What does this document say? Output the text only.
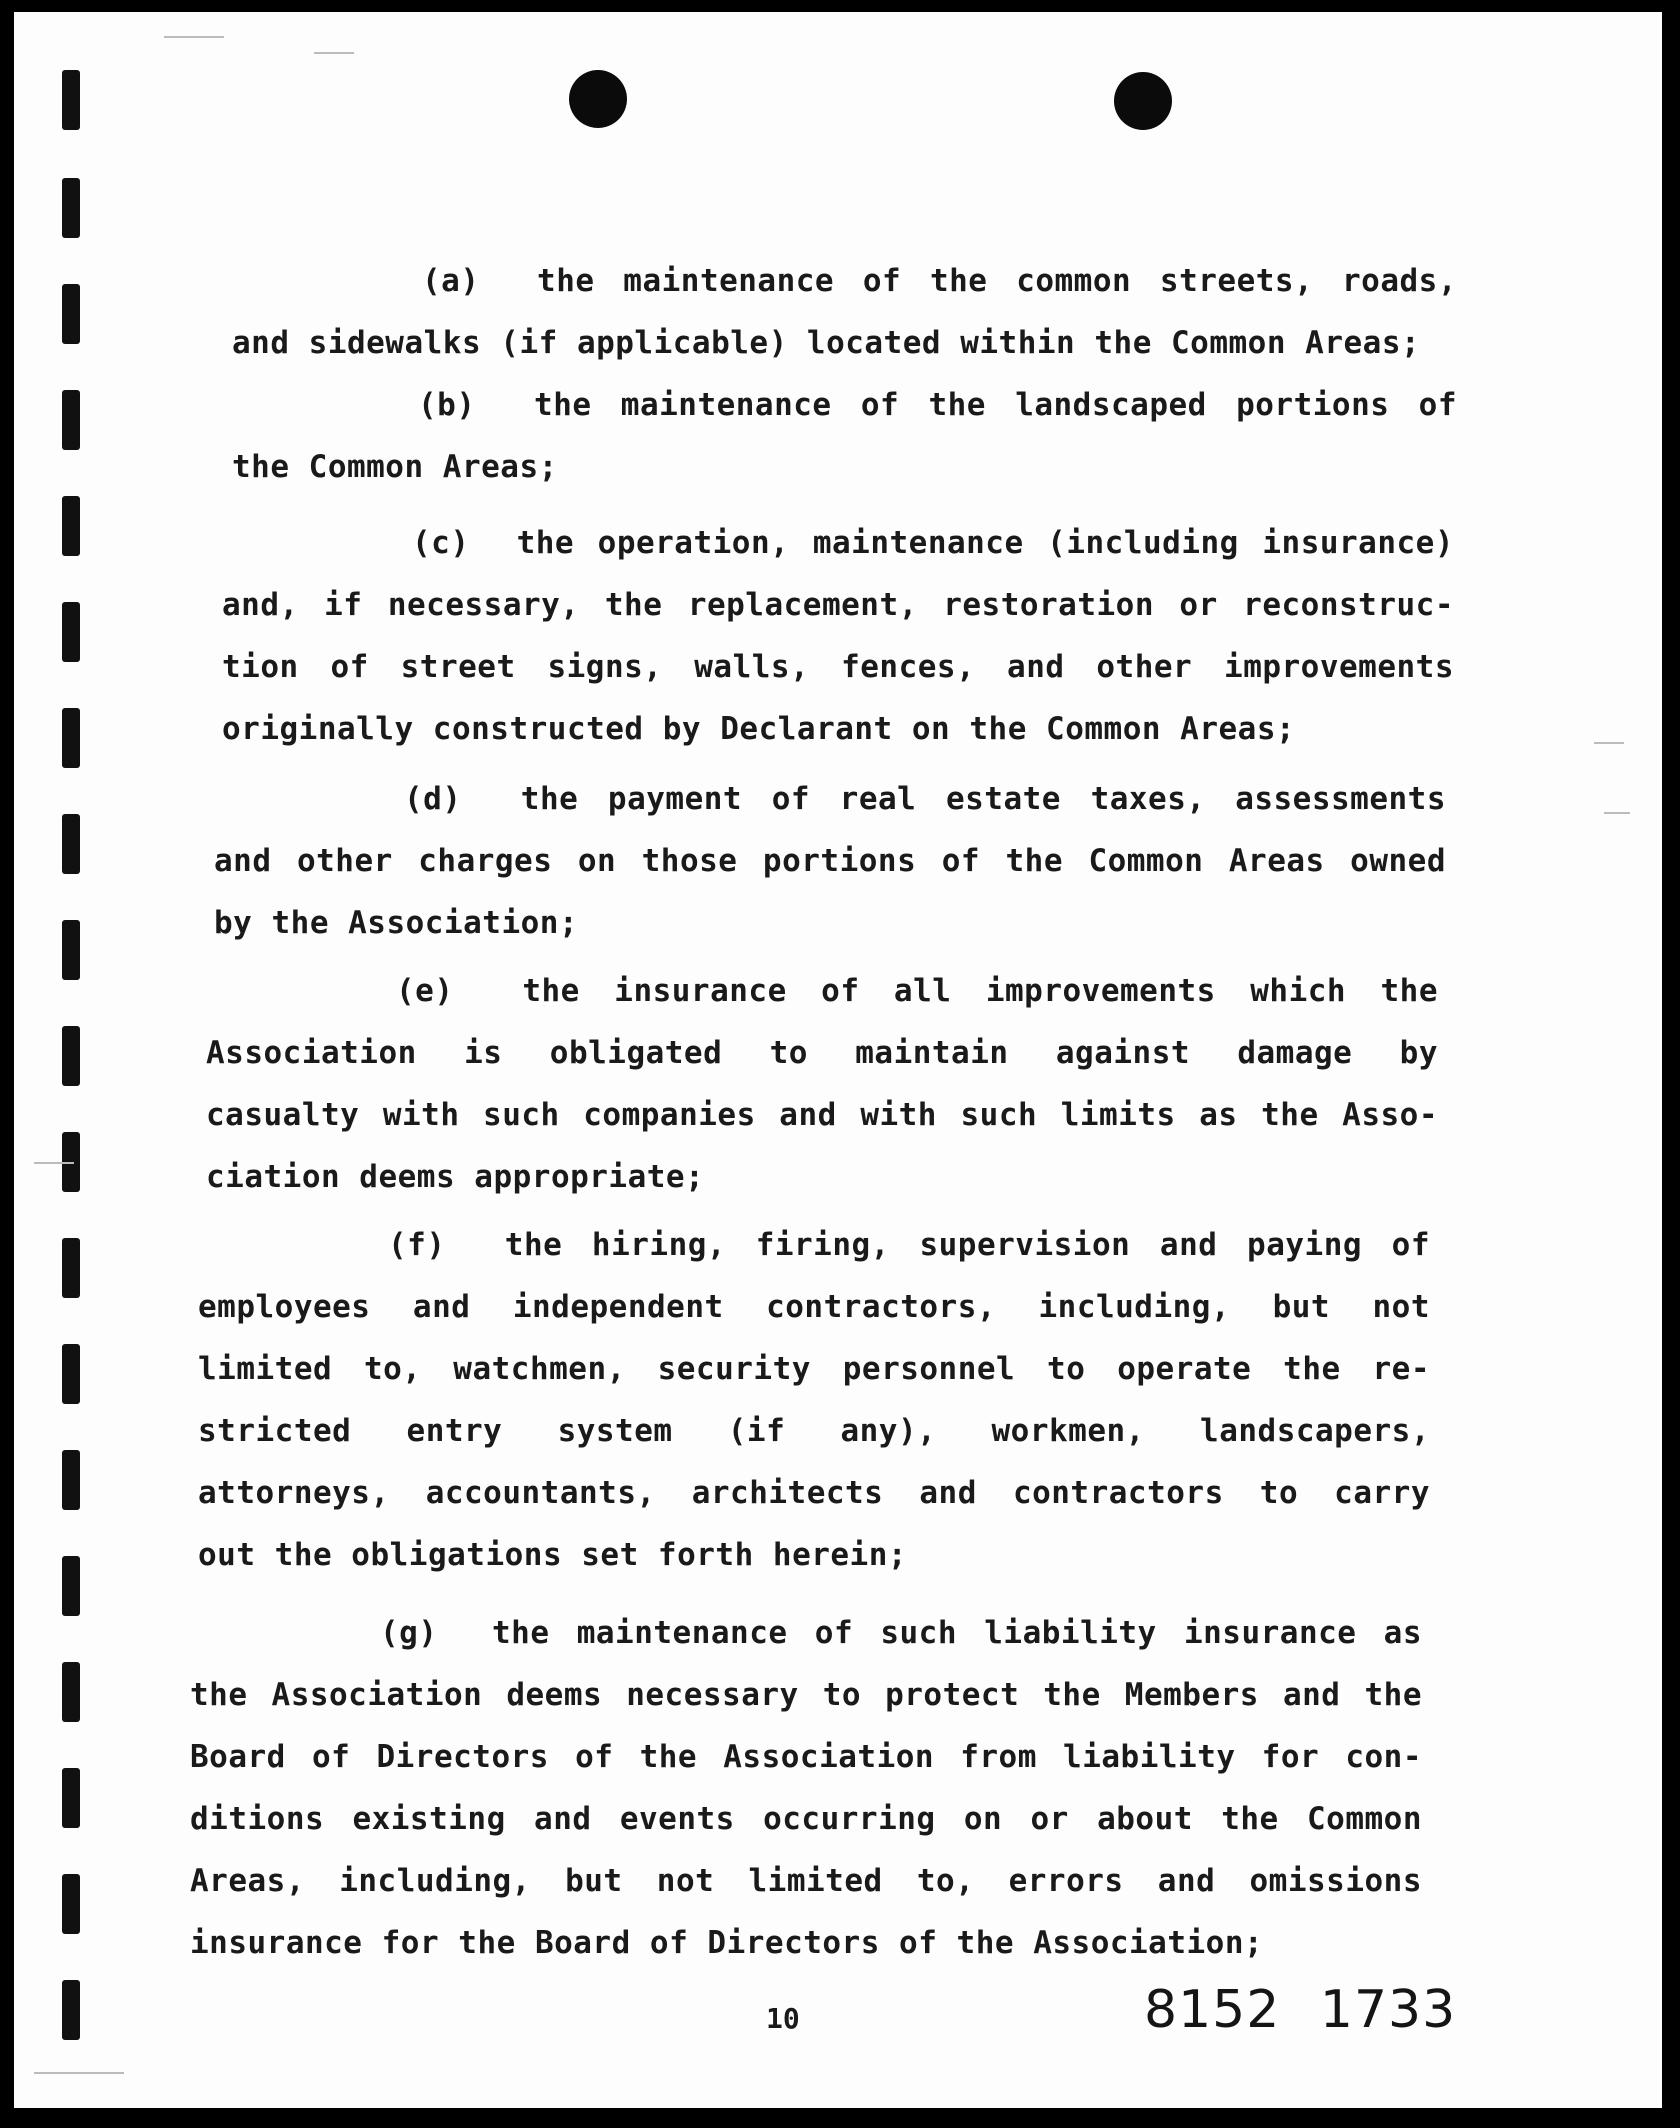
(a) the maintenance of the common streets, roads,
and sidewalks (if applicable) located within the Common Areas;
(b) the maintenance of the landscaped portions of
the Common Areas;
(c) the operation, maintenance (including insurance)
and, if necessary, the replacement, restoration or reconstruc-
tion of street signs, walls, fences, and other improvements
originally constructed by Declarant on the Common Areas;
(d) the payment of real estate taxes, assessments
and other charges on those portions of the Common Areas owned
by the Association;
(e) the insurance of all improvements which the
Association is obligated to maintain against damage by
casualty with such companies and with such limits as the Asso-
ciation deems appropriate;
(f) the hiring, firing, supervision and paying of
employees and independent contractors, including, but not
limited to, watchmen, security personnel to operate the re-
stricted entry system (if any), workmen, landscapers,
attorneys, accountants, architects and contractors to carry
out the obligations set forth herein;
(g) the maintenance of such liability insurance as
the Association deems necessary to protect the Members and the
Board of Directors of the Association from liability for con-
ditions existing and events occurring on or about the Common
Areas, including, but not limited to, errors and omissions
insurance for the Board of Directors of the Association;
10	8152 1733
